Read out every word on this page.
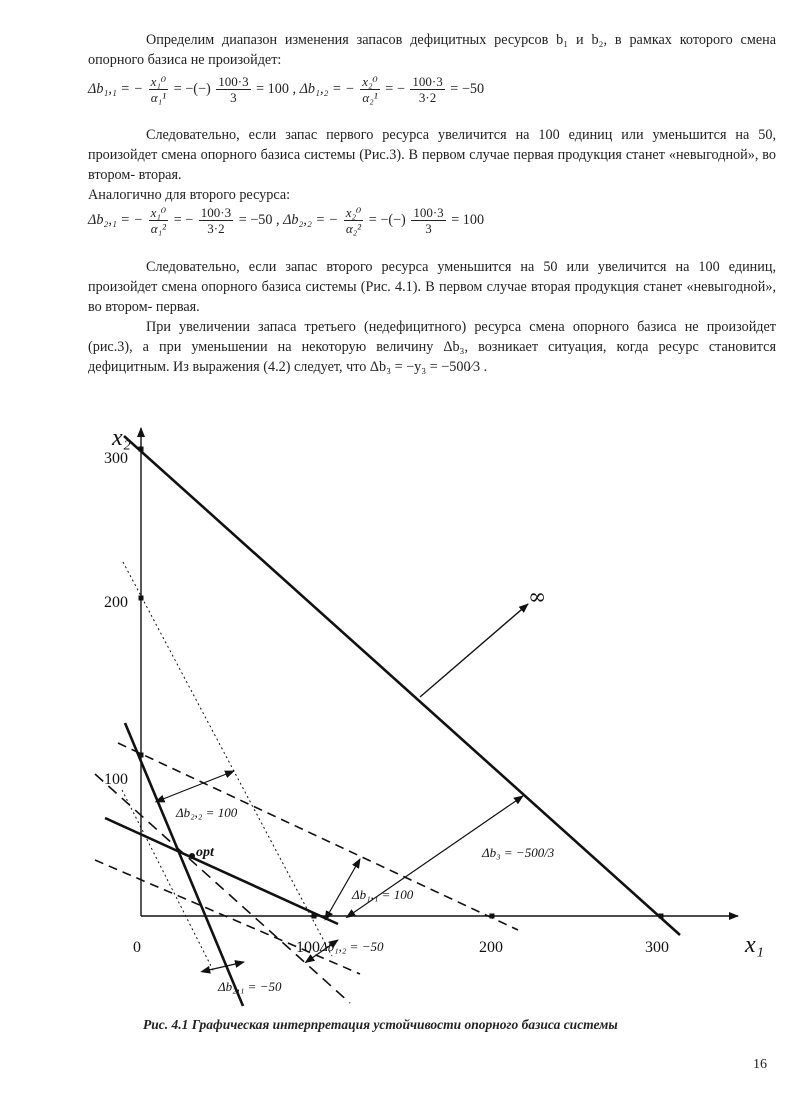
Определим диапазон изменения запасов дефицитных ресурсов b₁ и b₂, в рамках которого смена опорного базиса не произойдет:
Δb₁,₁ = − $\frac{\text{x₁⁰}}{\text{α₁¹}}$ = −(−) $\frac{100\cdot 3}{3} = 100$ , Δb₁,₂ = − $\frac{\text{x₂⁰}}{\text{α₂¹}}$ = − $\frac{100\cdot 3}{3\cdot 2} = -50$
Следовательно, если запас первого ресурса увеличится на 100 единиц или уменьшится на 50, произойдет смена опорного базиса системы (Рис.3). В первом случае первая продукция станет «невыгодной», во втором- вторая.
Аналогично для второго ресурса:
Δb₂,₁ = − $\frac{\text{x₁⁰}}{\text{α₁²}}$ = − $\frac{100\cdot 3}{3\cdot 2} = -50$ , Δb₂,₂ = − $\frac{\text{x₂⁰}}{\text{α₂²}}$ = −(−) $\frac{100\cdot 3}{3} = 100$
Следовательно, если запас второго ресурса уменьшится на 50 или увеличится на 100 единиц, произойдет смена опорного базиса системы (Рис. 4.1). В первом случае вторая продукция станет «невыгодной», во втором- первая.
При увеличении запаса третьего (недефицитного) ресурса смена опорного базиса не произойдет (рис.3), а при уменьшении на некоторую величину Δb₃, возникает ситуация, когда ресурс становится дефицитным. Из выражения (4.2) следует, что Δb₃ = −y₃ = −500⁄3 .
x₂
x₁
0	100	200	300
100
200
300
∞
opt
Δb₂,₂ = 100
Δb₁,₁ = 100
Δb₁,₂ = −50
Δb₂,₁ = −50
Δb₃ = −500/3
Рис. 4.1 Графическая интерпретация устойчивости опорного базиса системы
16
